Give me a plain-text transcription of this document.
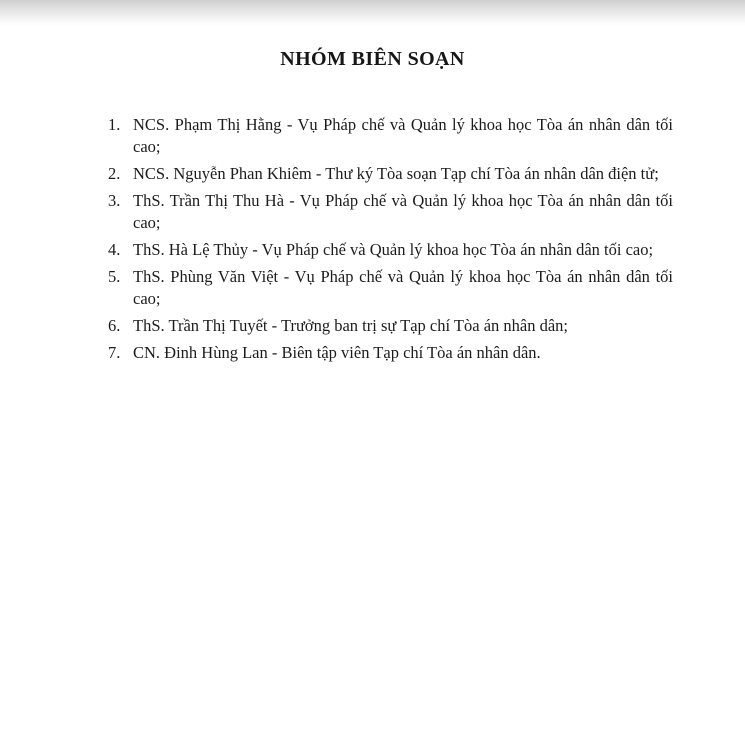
NHÓM BIÊN SOẠN
1. NCS. Phạm Thị Hằng - Vụ Pháp chế và Quản lý khoa học Tòa án nhân dân tối cao;
2. NCS. Nguyễn Phan Khiêm - Thư ký Tòa soạn Tạp chí Tòa án nhân dân điện tử;
3. ThS. Trần Thị Thu Hà - Vụ Pháp chế và Quản lý khoa học Tòa án nhân dân tối cao;
4. ThS. Hà Lệ Thủy - Vụ Pháp chế và Quản lý khoa học Tòa án nhân dân tối cao;
5. ThS. Phùng Văn Việt - Vụ Pháp chế và Quản lý khoa học Tòa án nhân dân tối cao;
6. ThS. Trần Thị Tuyết - Trưởng ban trị sự Tạp chí Tòa án nhân dân;
7. CN. Đinh Hùng Lan - Biên tập viên Tạp chí Tòa án nhân dân.
